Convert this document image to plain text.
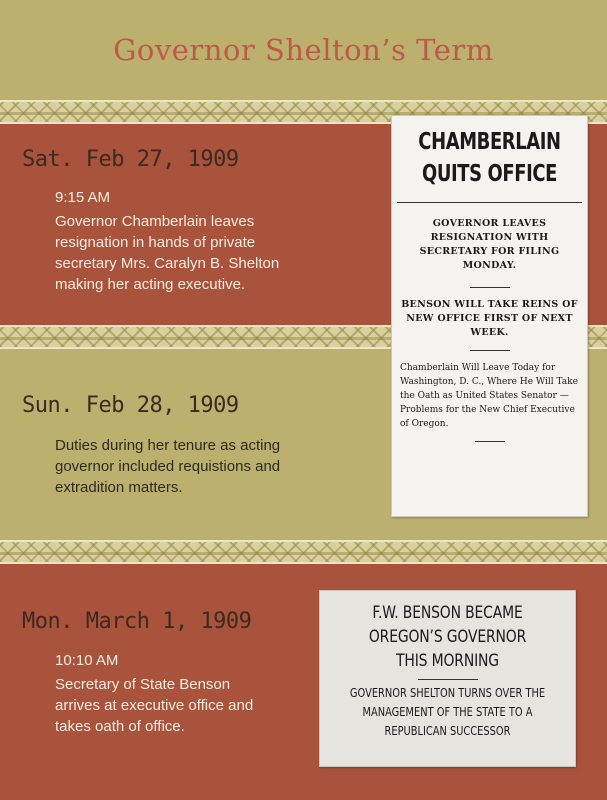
Governor Shelton’s Term
Sat. Feb 27, 1909
9:15 AM
Governor Chamberlain leaves resignation in hands of private secretary Mrs. Caralyn B. Shelton making her acting executive.
Sun. Feb 28, 1909
Duties during her tenure as acting governor included requistions and extradition matters.
Mon. March 1, 1909
10:10 AM
Secretary of State Benson arrives at executive office and takes oath of office.
CHAMBERLAIN
QUITS OFFICE
GOVERNOR LEAVES RESIGNATION WITH SECRETARY FOR FILING MONDAY.
BENSON WILL TAKE REINS OF NEW OFFICE FIRST OF NEXT WEEK.
Chamberlain Will Leave Today for Washington, D. C., Where He Will Take the Oath as United States Senator — Problems for the New Chief Executive of Oregon.
F.W. BENSON BECAME
OREGON’S GOVERNOR
THIS MORNING
GOVERNOR SHELTON TURNS OVER THE
MANAGEMENT OF THE STATE TO A
REPUBLICAN SUCCESSOR
